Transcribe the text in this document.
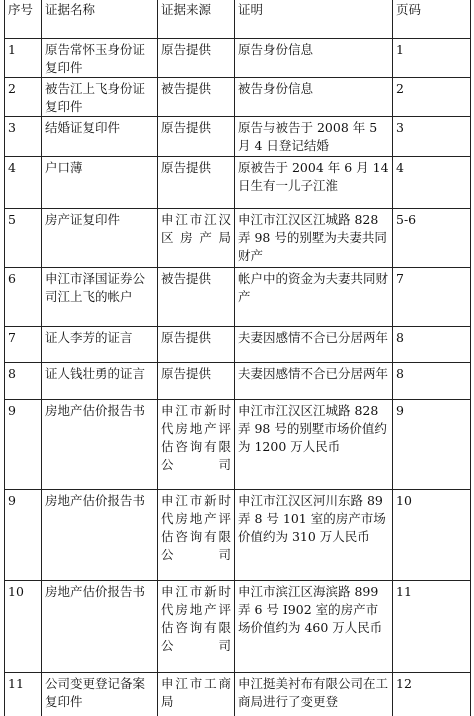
序号	证据名称	证据来源	证明	页码
1	原告常怀玉身份证复印件	原告提供	原告身份信息	1
2	被告江上飞身份证复印件	被告提供	被告身份信息	2
3	结婚证复印件	原告提供	原告与被告于 2008 年 5 月 4 日登记结婚	3
4	户口薄	原告提供	原被告于 2004 年 6 月 14 日生有一儿子江淮	4
5	房产证复印件	申江市江汉区房产局	申江市江汉区江城路 828 弄 98 号的别墅为夫妻共同财产	5-6
6	申江市泽国证券公司江上飞的帐户	被告提供	帐户中的资金为夫妻共同财产	7
7	证人李芳的证言	原告提供	夫妻因感情不合已分居两年	8
8	证人钱壮勇的证言	原告提供	夫妻因感情不合已分居两年	8
9	房地产估价报告书	申江市新时代房地产评估咨询有限公司	申江市江汉区江城路 828 弄 98 号的别墅市场价值约为 1200 万人民币	9
9	房地产估价报告书	申江市新时代房地产评估咨询有限公司	申江市江汉区河川东路 89 弄 8 号 101 室的房产市场价值约为 310 万人民币	10
10	房地产估价报告书	申江市新时代房地产评估咨询有限公司	申江市滨江区海滨路 899 弄 6 号 I902 室的房产市场价值约为 460 万人民币	11
11	公司变更登记备案复印件	申江市工商局	申江挺美衬布有限公司在工商局进行了变更登	12
